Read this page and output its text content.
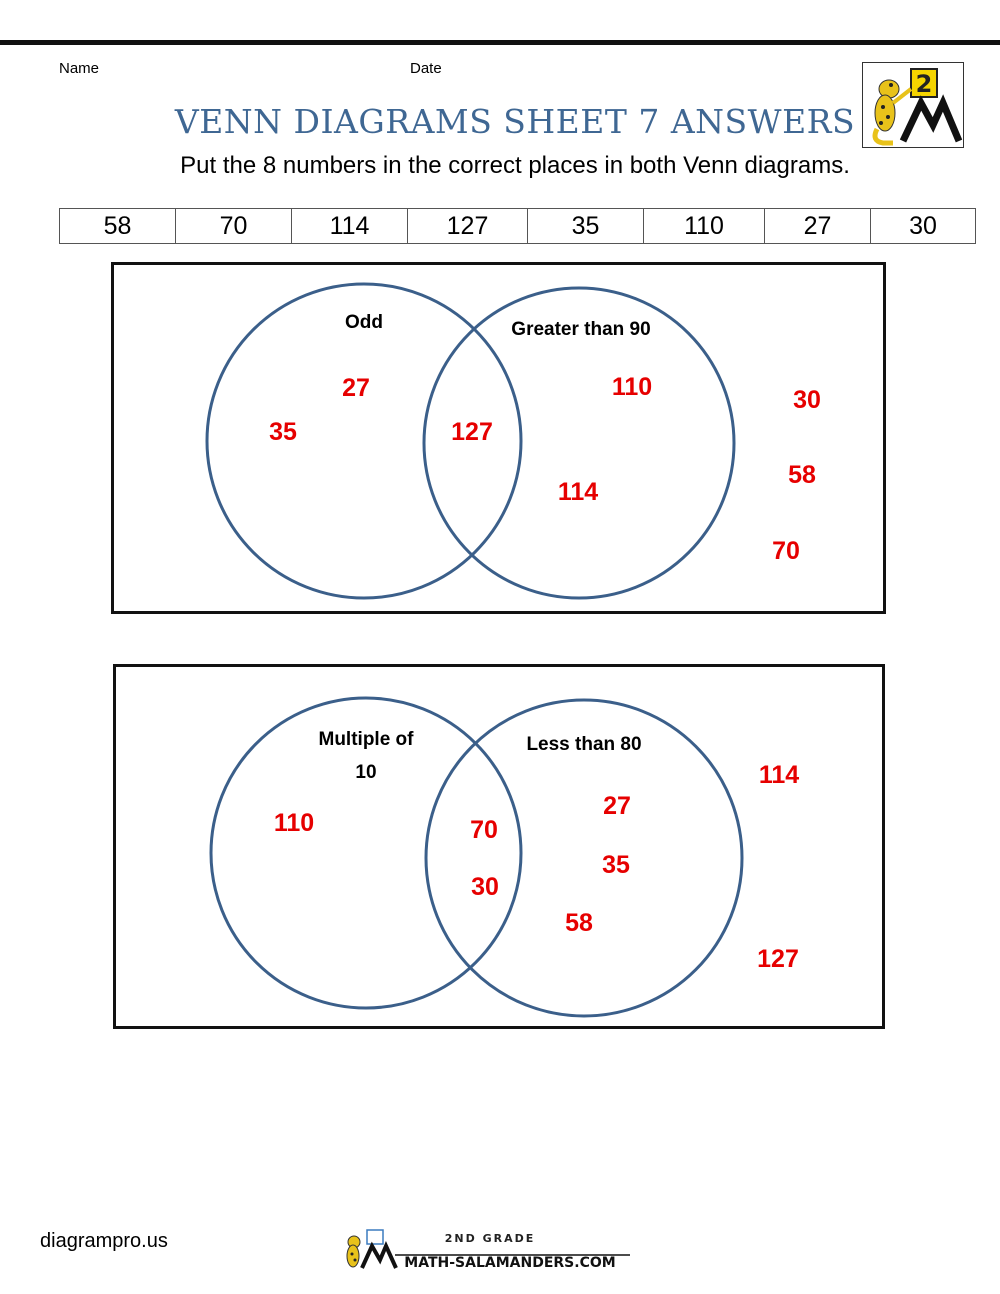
Name	Date
2
VENN DIAGRAMS SHEET 7 ANSWERS
Put the 8 numbers in the correct places in both Venn diagrams.
58	70	114	127	35	110	27	30
Odd	Greater than 90
27
35	127
110
114
30
58
70
Multiple of
10
Less than 80
110	70
30
27
35
58
114
127
diagrampro.us	2ND GRADE
MATH-SALAMANDERS.COM
